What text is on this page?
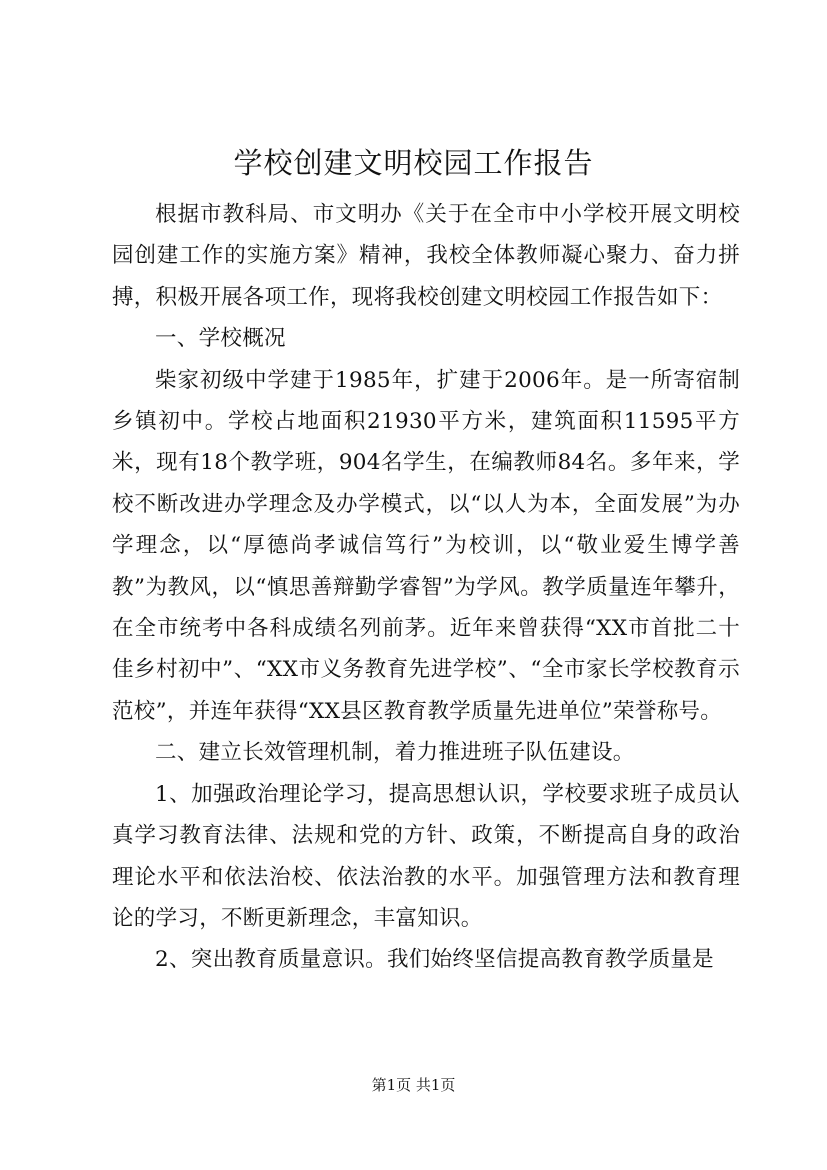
学校创建文明校园工作报告

根据市教科局、市文明办《关于在全市中小学校开展文明校园创建工作的实施方案》精神，我校全体教师凝心聚力、奋力拼搏，积极开展各项工作，现将我校创建文明校园工作报告如下：

一、学校概况

柴家初级中学建于1985年，扩建于2006年。是一所寄宿制乡镇初中。学校占地面积21930平方米，建筑面积11595平方米，现有18个教学班，904名学生，在编教师84名。多年来，学校不断改进办学理念及办学模式，以“以人为本，全面发展”为办学理念，以“厚德尚孝诚信笃行”为校训，以“敬业爱生博学善教”为教风，以“慎思善辩勤学睿智”为学风。教学质量连年攀升，在全市统考中各科成绩名列前茅。近年来曾获得“XX市首批二十佳乡村初中”、“XX市义务教育先进学校”、“全市家长学校教育示范校”，并连年获得“XX县区教育教学质量先进单位”荣誉称号。

二、建立长效管理机制，着力推进班子队伍建设。

1、加强政治理论学习，提高思想认识，学校要求班子成员认真学习教育法律、法规和党的方针、政策，不断提高自身的政治理论水平和依法治校、依法治教的水平。加强管理方法和教育理论的学习，不断更新理念，丰富知识。

2、突出教育质量意识。我们始终坚信提高教育教学质量是

第1页 共1页
